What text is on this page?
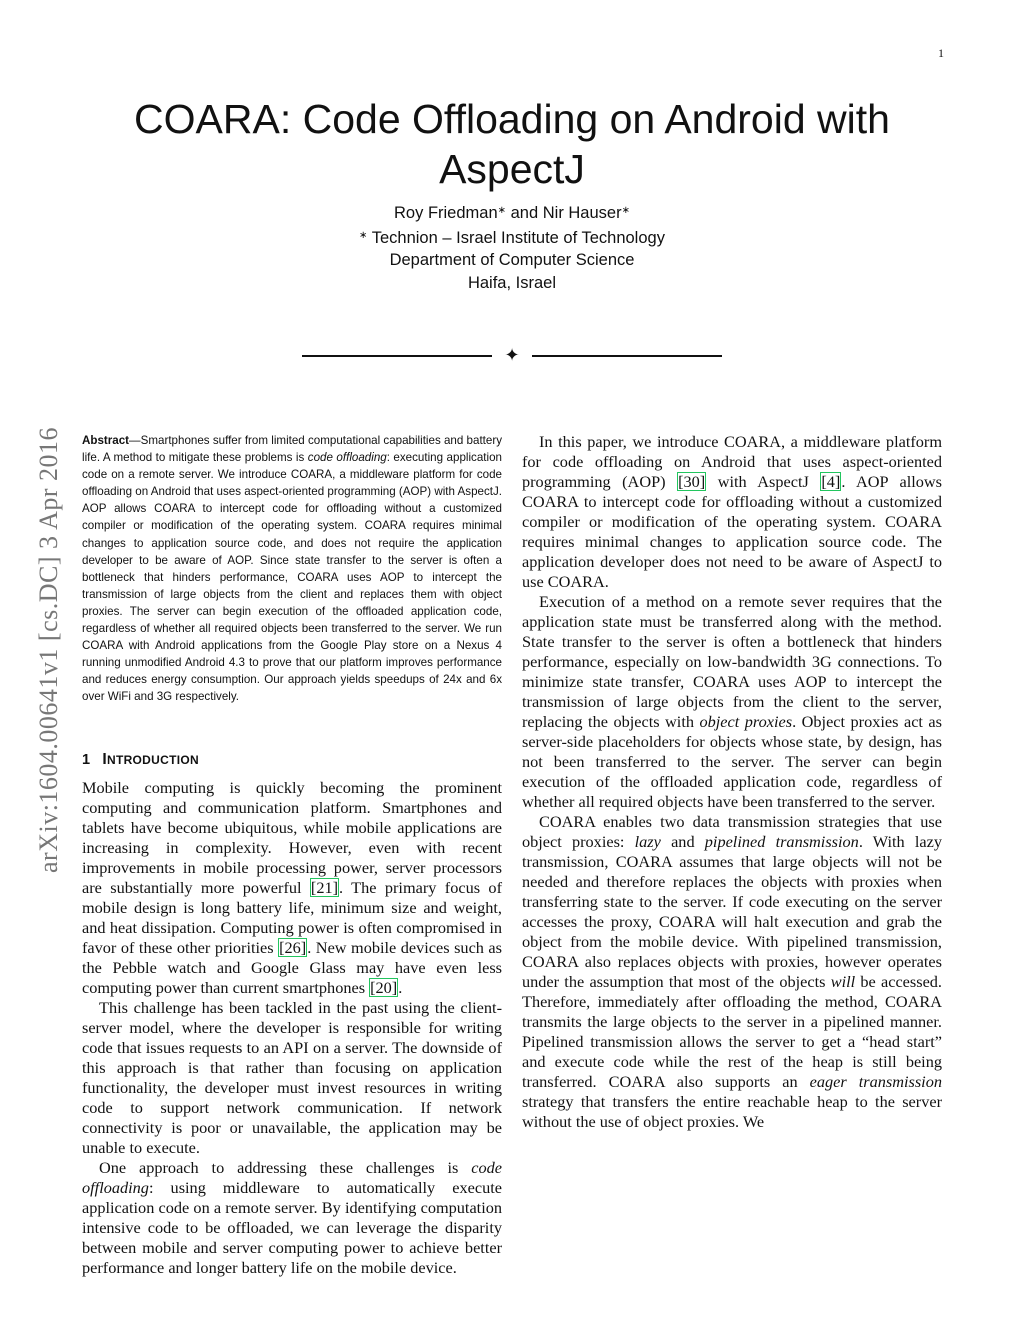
1
arXiv:1604.00641v1 [cs.DC] 3 Apr 2016
COARA: Code Offloading on Android with AspectJ
Roy Friedman∗ and Nir Hauser∗
∗ Technion – Israel Institute of Technology
Department of Computer Science
Haifa, Israel
✦

Abstract—Smartphones suffer from limited computational capabilities and battery life. A method to mitigate these problems is code offloading: executing application code on a remote server. We introduce COARA, a middleware platform for code offloading on Android that uses aspect-oriented programming (AOP) with AspectJ. AOP allows COARA to intercept code for offloading without a customized compiler or modification of the operating system. COARA requires minimal changes to application source code, and does not require the application developer to be aware of AOP. Since state transfer to the server is often a bottleneck that hinders performance, COARA uses AOP to intercept the transmission of large objects from the client and replaces them with object proxies. The server can begin execution of the offloaded application code, regardless of whether all required objects been transferred to the server. We run COARA with Android applications from the Google Play store on a Nexus 4 running unmodified Android 4.3 to prove that our platform improves performance and reduces energy consumption. Our approach yields speedups of 24x and 6x over WiFi and 3G respectively.

1 INTRODUCTION

Mobile computing is quickly becoming the prominent computing and communication platform. Smartphones and tablets have become ubiquitous, while mobile applications are increasing in complexity. However, even with recent improvements in mobile processing power, server processors are substantially more powerful [21]. The primary focus of mobile design is long battery life, minimum size and weight, and heat dissipation. Computing power is often compromised in favor of these other priorities [26]. New mobile devices such as the Pebble watch and Google Glass may have even less computing power than current smartphones [20].

This challenge has been tackled in the past using the client-server model, where the developer is responsible for writing code that issues requests to an API on a server. The downside of this approach is that rather than focusing on application functionality, the developer must invest resources in writing code to support network communication. If network connectivity is poor or unavailable, the application may be unable to execute.

One approach to addressing these challenges is code offloading: using middleware to automatically execute application code on a remote server. By identifying computation intensive code to be offloaded, we can leverage the disparity between mobile and server computing power to achieve better performance and longer battery life on the mobile device.

In this paper, we introduce COARA, a middleware platform for code offloading on Android that uses aspect-oriented programming (AOP) [30] with AspectJ [4]. AOP allows COARA to intercept code for offloading without a customized compiler or modification of the operating system. COARA requires minimal changes to application source code. The application developer does not need to be aware of AspectJ to use COARA.

Execution of a method on a remote sever requires that the application state must be transferred along with the method. State transfer to the server is often a bottleneck that hinders performance, especially on low-bandwidth 3G connections. To minimize state transfer, COARA uses AOP to intercept the transmission of large objects from the client to the server, replacing the objects with object proxies. Object proxies act as server-side placeholders for objects whose state, by design, has not been transferred to the server. The server can begin execution of the offloaded application code, regardless of whether all required objects have been transferred to the server.

COARA enables two data transmission strategies that use object proxies: lazy and pipelined transmission. With lazy transmission, COARA assumes that large objects will not be needed and therefore replaces the objects with proxies when transferring state to the server. If code executing on the server accesses the proxy, COARA will halt execution and grab the object from the mobile device. With pipelined transmission, COARA also replaces objects with proxies, however operates under the assumption that most of the objects will be accessed. Therefore, immediately after offloading the method, COARA transmits the large objects to the server in a pipelined manner. Pipelined transmission allows the server to get a “head start” and execute code while the rest of the heap is still being transferred. COARA also supports an eager transmission strategy that transfers the entire reachable heap to the server without the use of object proxies. We
